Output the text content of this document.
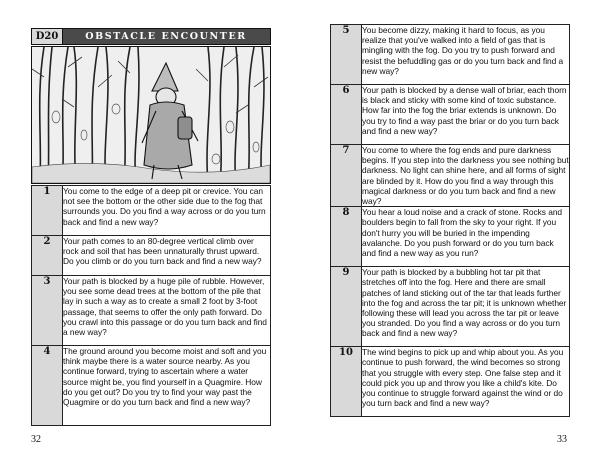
D20	OBSTACLE ENCOUNTER
1	You come to the edge of a deep pit or crevice. You can not see the bottom or the other side due to the fog that surrounds you. Do you find a way across or do you turn back and find a new way?
2	Your path comes to an 80-degree vertical climb over rock and soil that has been unnaturally thrust upward. Do you climb or do you turn back and find a new way?
3	Your path is blocked by a huge pile of rubble. However, you see some dead trees at the bottom of the pile that lay in such a way as to create a small 2 foot by 3-foot passage, that seems to offer the only path forward. Do you crawl into this passage or do you turn back and find a new way?
4	The ground around you become moist and soft and you think maybe there is a water source nearby. As you continue forward, trying to ascertain where a water source might be, you find yourself in a Quagmire. How do you get out? Do you try to find your way past the Quagmire or do you turn back and find a new way?
32
5	You become dizzy, making it hard to focus, as you realize that you've walked into a field of gas that is mingling with the fog. Do you try to push forward and resist the befuddling gas or do you turn back and find a new way?
6	Your path is blocked by a dense wall of briar, each thorn is black and sticky with some kind of toxic substance. How far into the fog the briar extends is unknown. Do you try to find a way past the briar or do you turn back and find a new way?
7	You come to where the fog ends and pure darkness begins. If you step into the darkness you see nothing but darkness. No light can shine here, and all forms of sight are blinded by it. How do you find a way through this magical darkness or do you turn back and find a new way?
8	You hear a loud noise and a crack of stone. Rocks and boulders begin to fall from the sky to your right. If you don't hurry you will be buried in the impending avalanche. Do you push forward or do you turn back and find a new way as you run?
9	Your path is blocked by a bubbling hot tar pit that stretches off into the fog. Here and there are small patches of land sticking out of the tar that leads further into the fog and across the tar pit; it is unknown whether following these will lead you across the tar pit or leave you stranded. Do you find a way across or do you turn back and find a new way?
10	The wind begins to pick up and whip about you. As you continue to push forward, the wind becomes so strong that you struggle with every step. One false step and it could pick you up and throw you like a child's kite. Do you continue to struggle forward against the wind or do you turn back and find a new way?
33
